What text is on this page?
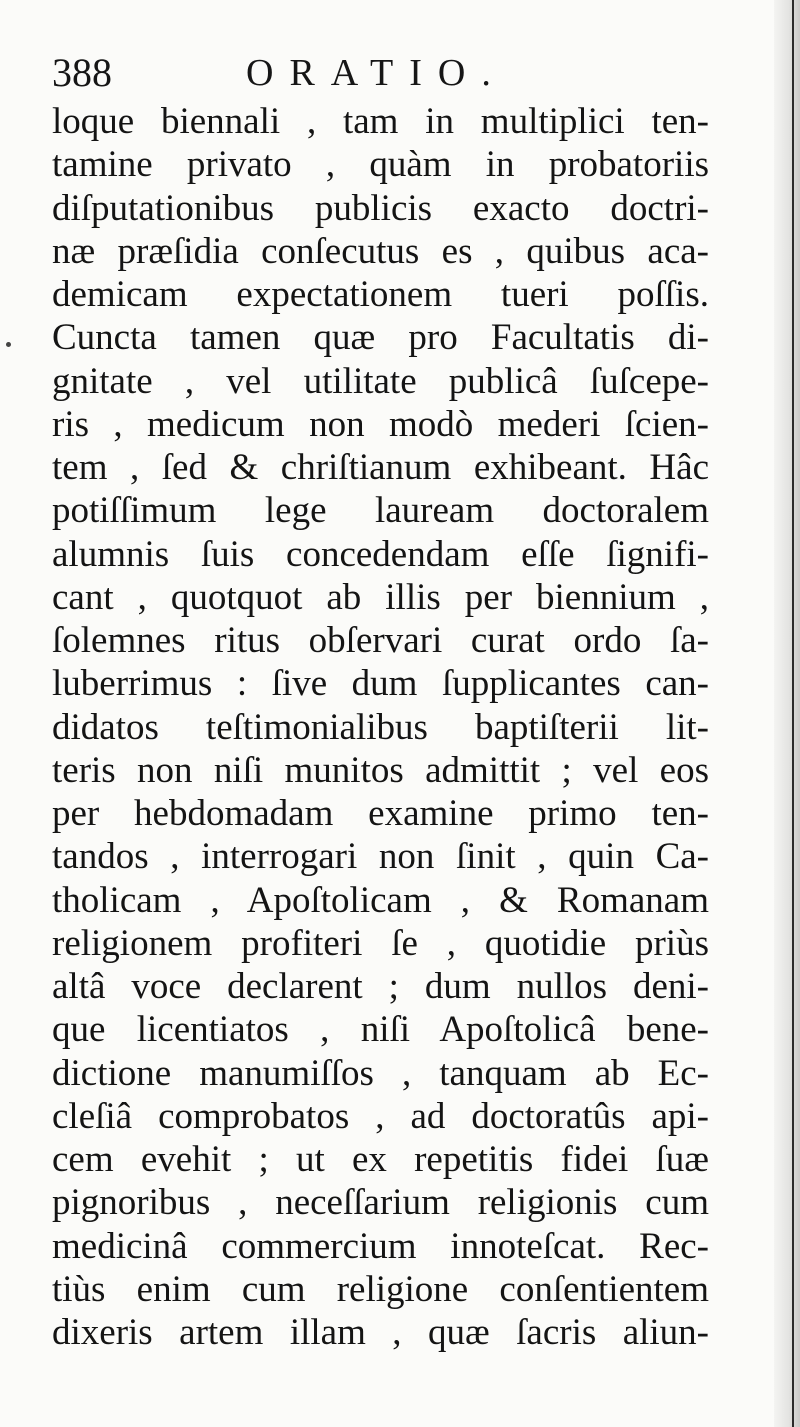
388	ORATIO.
loque biennali , tam in multiplici ten-
tamine privato , quàm in probatoriis
diſputationibus publicis exacto doctri-
næ præſidia conſecutus es , quibus aca-
demicam expectationem tueri poſſis.
Cuncta tamen quæ pro Facultatis di-
gnitate , vel utilitate publicâ ſuſcepe-
ris , medicum non modò mederi ſcien-
tem , ſed & chriſtianum exhibeant. Hâc
potiſſimum lege lauream doctoralem
alumnis ſuis concedendam eſſe ſignifi-
cant , quotquot ab illis per biennium ,
ſolemnes ritus obſervari curat ordo ſa-
luberrimus : ſive dum ſupplicantes can-
didatos teſtimonialibus baptiſterii lit-
teris non niſi munitos admittit ; vel eos
per hebdomadam examine primo ten-
tandos , interrogari non ſinit , quin Ca-
tholicam , Apoſtolicam , & Romanam
religionem profiteri ſe , quotidie priùs
altâ voce declarent ; dum nullos deni-
que licentiatos , niſi Apoſtolicâ bene-
dictione manumiſſos , tanquam ab Ec-
cleſiâ comprobatos , ad doctoratûs api-
cem evehit ; ut ex repetitis fidei ſuæ
pignoribus , neceſſarium religionis cum
medicinâ commercium innoteſcat. Rec-
tiùs enim cum religione conſentientem
dixeris artem illam , quæ ſacris aliun-
